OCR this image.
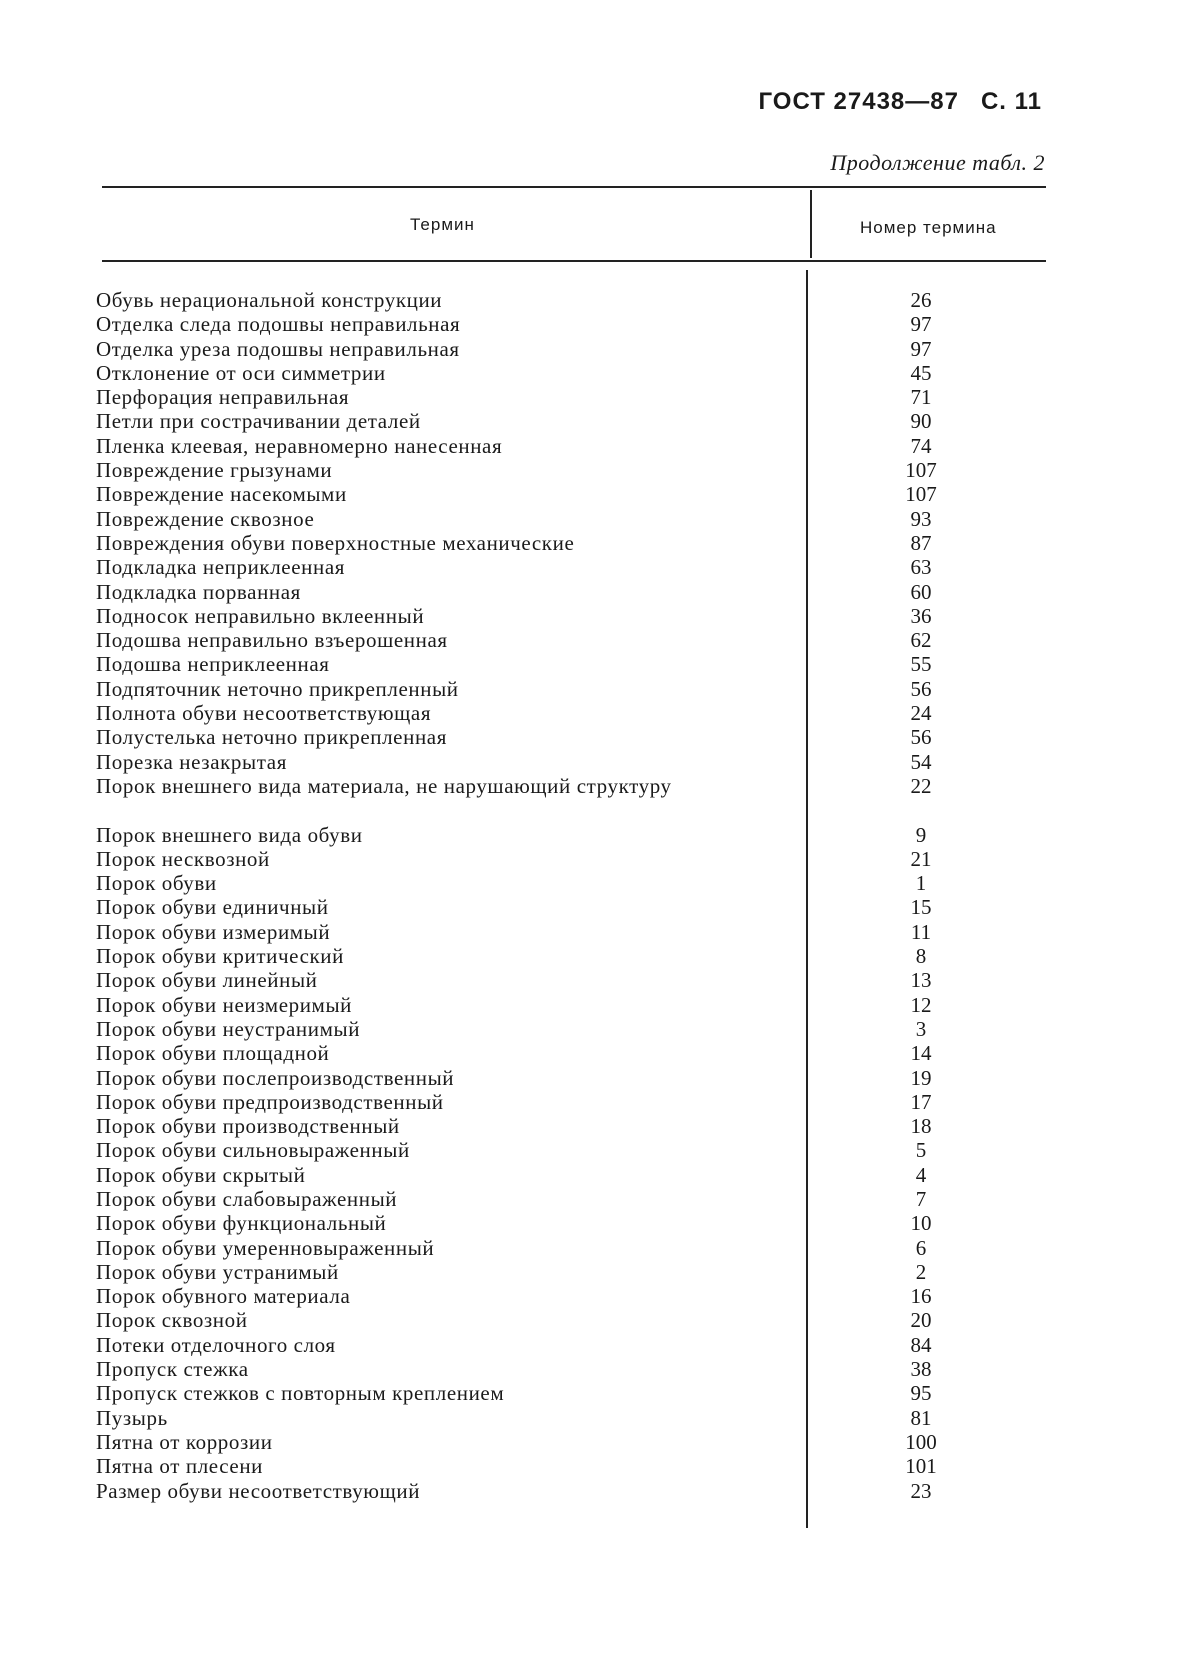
ГОСТ 27438—87 С. 11
Продолжение табл. 2
Термин	Номер термина
Обувь нерациональной конструкции	26
Отделка следа подошвы неправильная	97
Отделка уреза подошвы неправильная	97
Отклонение от оси симметрии	45
Перфорация неправильная	71
Петли при сострачивании деталей	90
Пленка клеевая, неравномерно нанесенная	74
Повреждение грызунами	107
Повреждение насекомыми	107
Повреждение сквозное	93
Повреждения обуви поверхностные механические	87
Подкладка неприклеенная	63
Подкладка порванная	60
Подносок неправильно вклеенный	36
Подошва неправильно взъерошенная	62
Подошва неприклеенная	55
Подпяточник неточно прикрепленный	56
Полнота обуви несоответствующая	24
Полустелька неточно прикрепленная	56
Порезка незакрытая	54
Порок внешнего вида материала, не нарушающий структуру	22
Порок внешнего вида обуви	9
Порок несквозной	21
Порок обуви	1
Порок обуви единичный	15
Порок обуви измеримый	11
Порок обуви критический	8
Порок обуви линейный	13
Порок обуви неизмеримый	12
Порок обуви неустранимый	3
Порок обуви площадной	14
Порок обуви послепроизводственный	19
Порок обуви предпроизводственный	17
Порок обуви производственный	18
Порок обуви сильновыраженный	5
Порок обуви скрытый	4
Порок обуви слабовыраженный	7
Порок обуви функциональный	10
Порок обуви умеренновыраженный	6
Порок обуви устранимый	2
Порок обувного материала	16
Порок сквозной	20
Потеки отделочного слоя	84
Пропуск стежка	38
Пропуск стежков с повторным креплением	95
Пузырь	81
Пятна от коррозии	100
Пятна от плесени	101
Размер обуви несоответствующий	23
